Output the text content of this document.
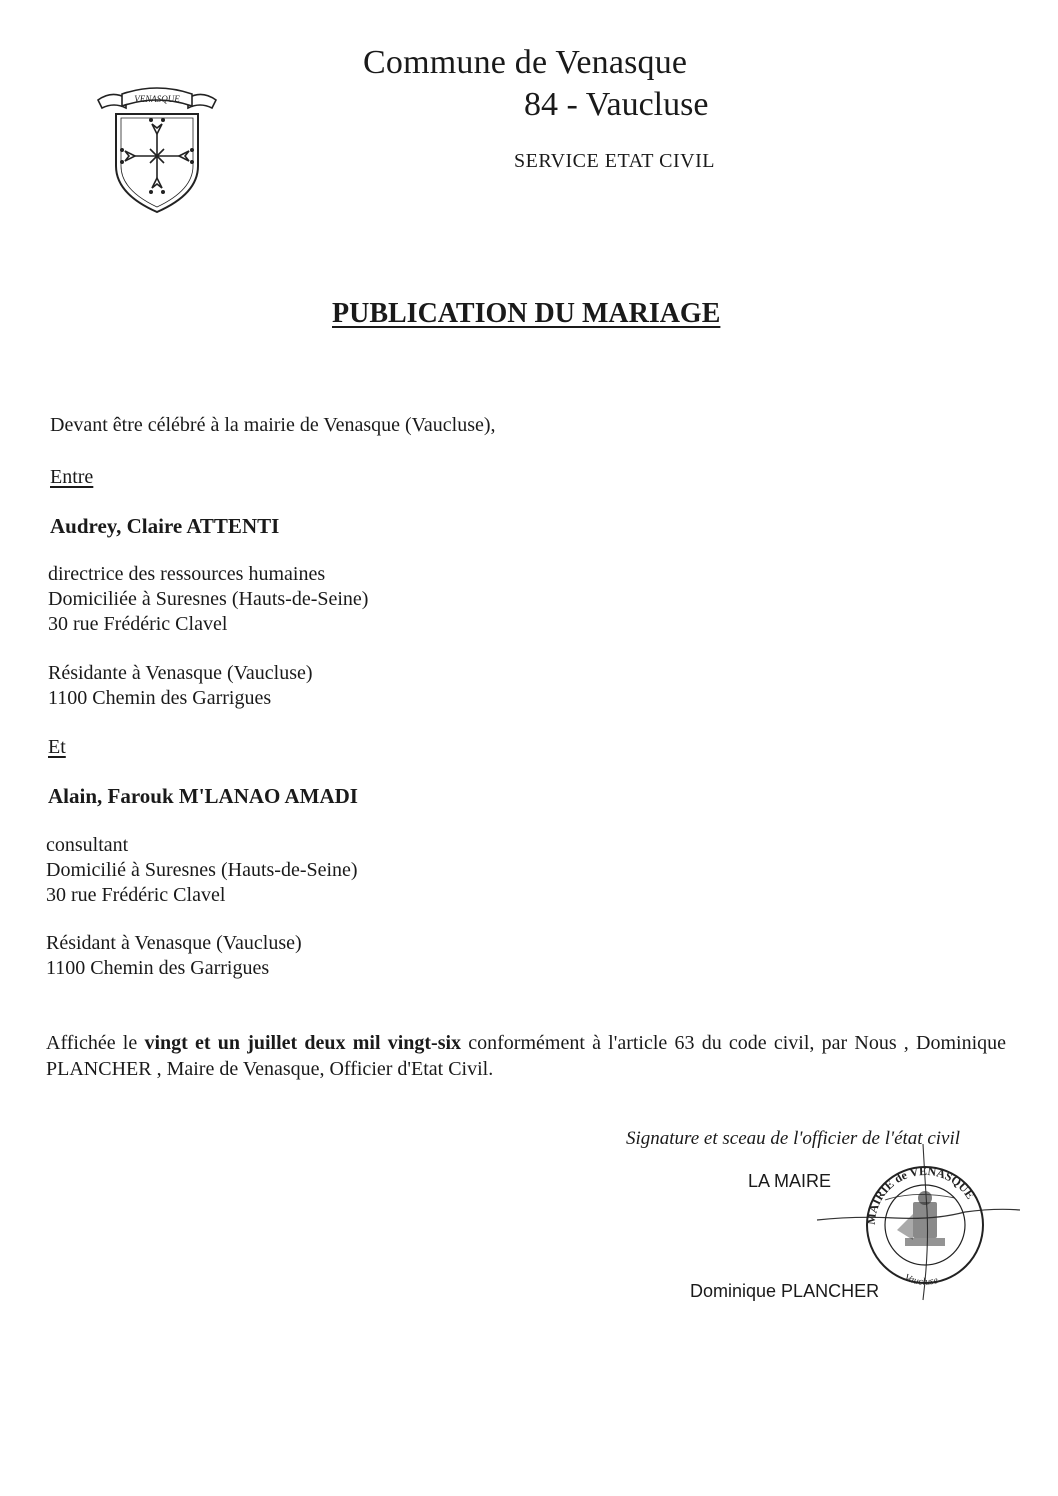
VENASQUE
Commune de Venasque
84 - Vaucluse
SERVICE ETAT CIVIL
PUBLICATION DU MARIAGE
Devant être célébré à la mairie de Venasque (Vaucluse),
Entre
Audrey, Claire ATTENTI
directrice des ressources humaines
Domiciliée à Suresnes (Hauts-de-Seine)
30 rue Frédéric Clavel
Résidante à Venasque (Vaucluse)
1100 Chemin des Garrigues
Et
Alain, Farouk M'LANAO AMADI
consultant
Domicilié à Suresnes (Hauts-de-Seine)
30 rue Frédéric Clavel
Résidant à Venasque (Vaucluse)
1100 Chemin des Garrigues
Affichée le vingt et un juillet deux mil vingt-six conformément à l'article 63 du code civil, par Nous , Dominique PLANCHER , Maire de Venasque, Officier d'Etat Civil.
Signature et sceau de l'officier de l'état civil
LA MAIRE
MAIRIE de VENASQUE
Vaucluse
Dominique PLANCHER
